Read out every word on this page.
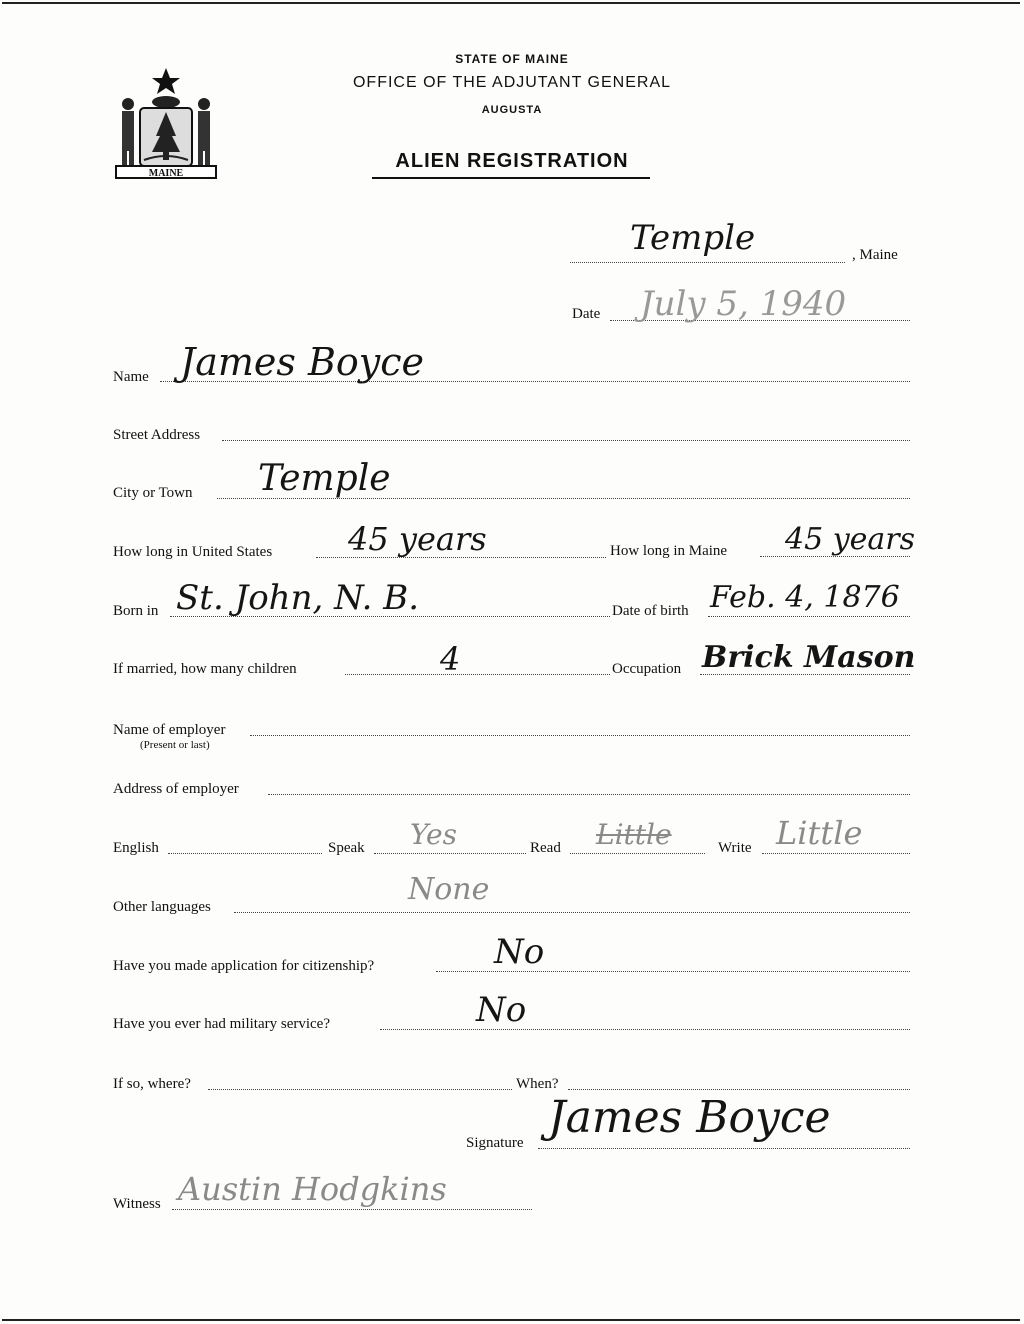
MAINE
STATE OF MAINE
OFFICE OF THE ADJUTANT GENERAL
AUGUSTA
ALIEN REGISTRATION
Temple	, Maine
Date July 5, 1940
Name James Boyce
Street Address
City or Town Temple
How long in United States 45 years	How long in Maine 45 years
Born in St. John, N. B.	Date of birth Feb. 4, 1876
If married, how many children	4	Occupation Brick Mason
Name of employer
(Present or last)
Address of employer
English	Speak Yes	Read Little	Write Little
Other languages	None
Have you made application for citizenship?	No
Have you ever had military service?	No
If so, where?	When?
Signature James Boyce
Witness Austin Hodgkins
